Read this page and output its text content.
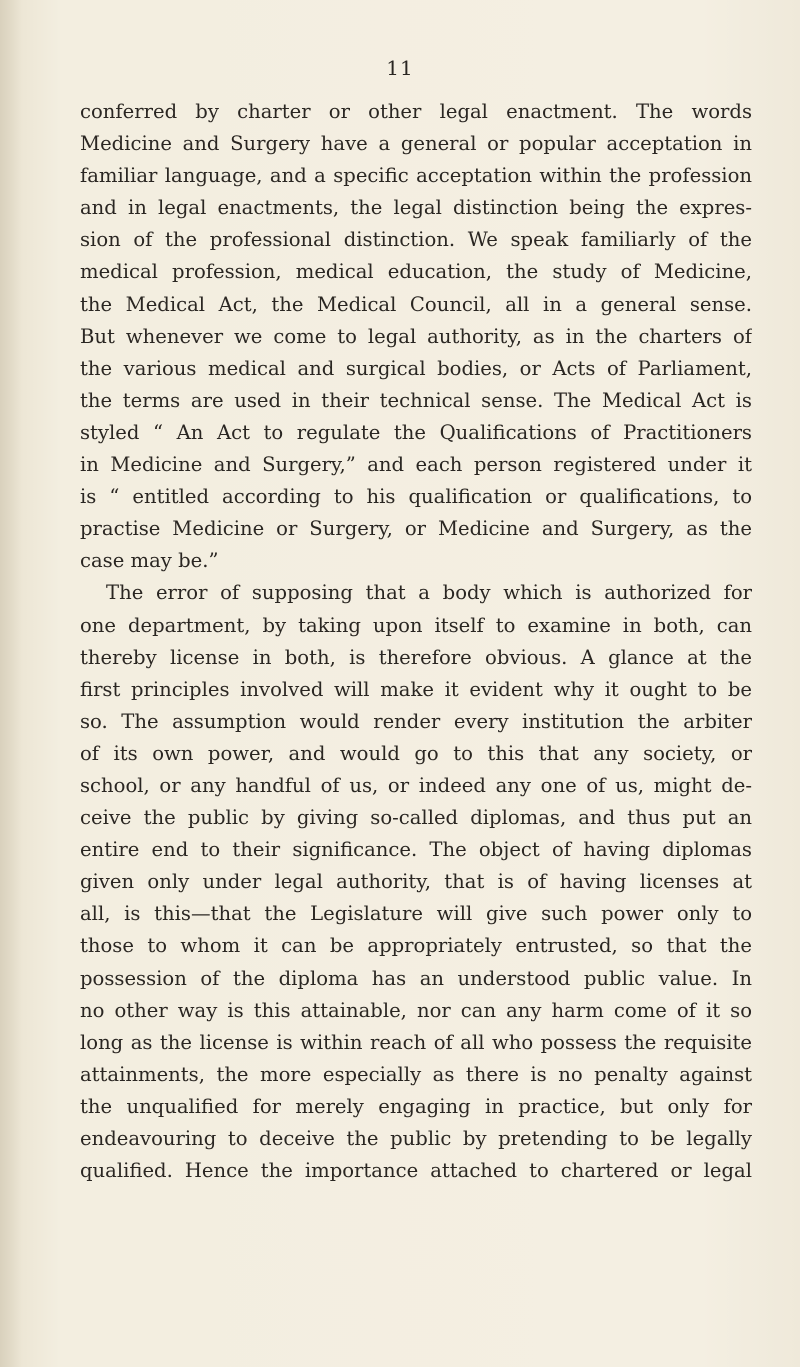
11
conferred by charter or other legal enactment. The words
Medicine and Surgery have a general or popular acceptation in
familiar language, and a specific acceptation within the profession
and in legal enactments, the legal distinction being the expres-
sion of the professional distinction. We speak familiarly of the
medical profession, medical education, the study of Medicine,
the Medical Act, the Medical Council, all in a general sense.
But whenever we come to legal authority, as in the charters of
the various medical and surgical bodies, or Acts of Parliament,
the terms are used in their technical sense. The Medical Act is
styled “ An Act to regulate the Qualifications of Practitioners
in Medicine and Surgery,” and each person registered under it
is “ entitled according to his qualification or qualifications, to
practise Medicine or Surgery, or Medicine and Surgery, as the
case may be.”
The error of supposing that a body which is authorized for
one department, by taking upon itself to examine in both, can
thereby license in both, is therefore obvious. A glance at the
first principles involved will make it evident why it ought to be
so. The assumption would render every institution the arbiter
of its own power, and would go to this that any society, or
school, or any handful of us, or indeed any one of us, might de-
ceive the public by giving so-called diplomas, and thus put an
entire end to their significance. The object of having diplomas
given only under legal authority, that is of having licenses at
all, is this—that the Legislature will give such power only to
those to whom it can be appropriately entrusted, so that the
possession of the diploma has an understood public value. In
no other way is this attainable, nor can any harm come of it so
long as the license is within reach of all who possess the requisite
attainments, the more especially as there is no penalty against
the unqualified for merely engaging in practice, but only for
endeavouring to deceive the public by pretending to be legally
qualified. Hence the importance attached to chartered or legal
